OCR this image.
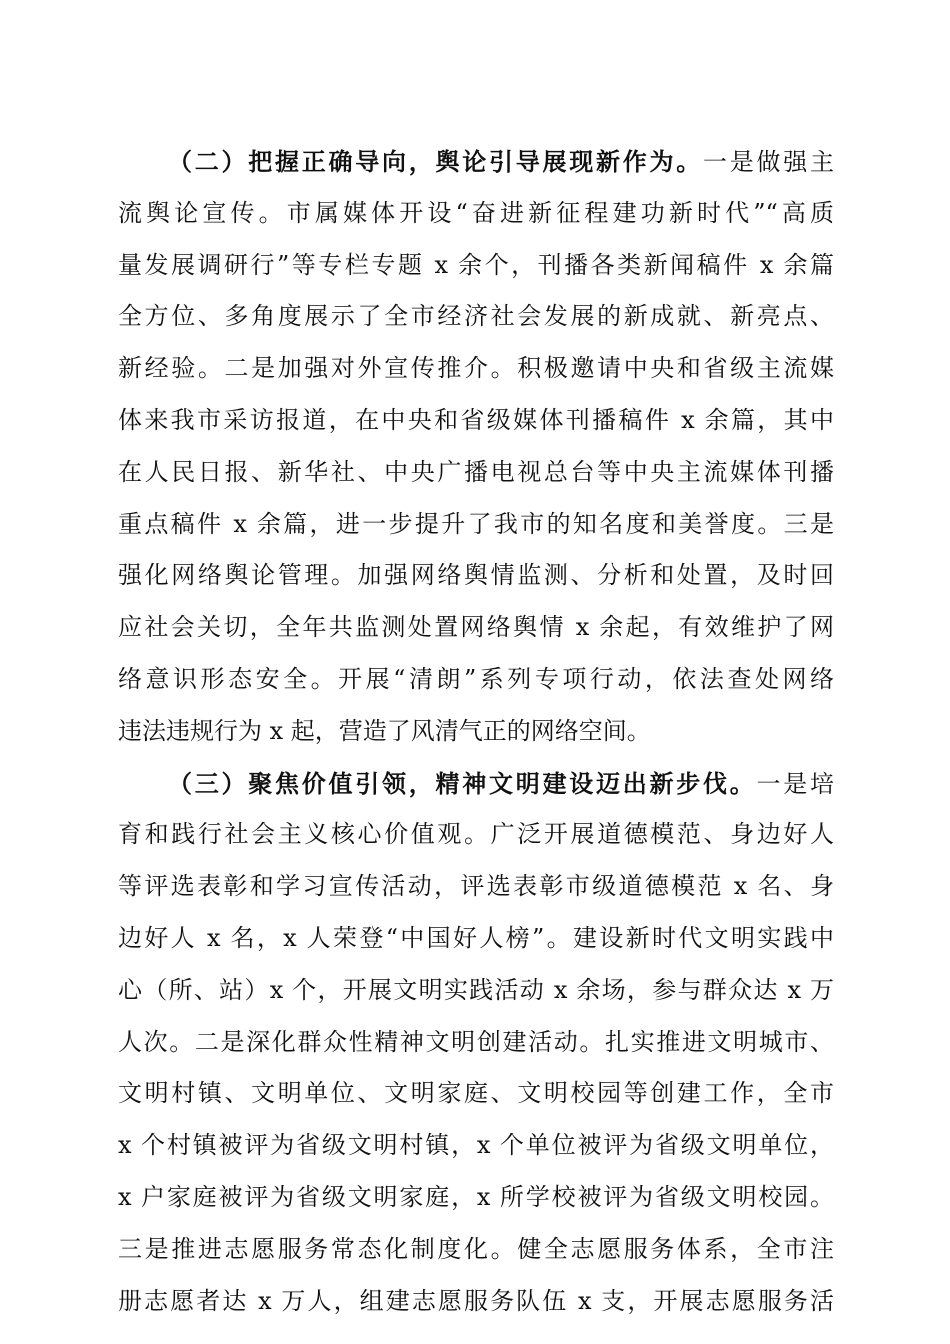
（二）把握正确导向，舆论引导展现新作为。一是做强主
流舆论宣传。市属媒体开设“奋进新征程建功新时代”“高质
量发展调研行”等专栏专题 x 余个，刊播各类新闻稿件 x 余篇
全方位、多角度展示了全市经济社会发展的新成就、新亮点、
新经验。二是加强对外宣传推介。积极邀请中央和省级主流媒
体来我市采访报道，在中央和省级媒体刊播稿件 x 余篇，其中
在人民日报、新华社、中央广播电视总台等中央主流媒体刊播
重点稿件 x 余篇，进一步提升了我市的知名度和美誉度。三是
强化网络舆论管理。加强网络舆情监测、分析和处置，及时回
应社会关切，全年共监测处置网络舆情 x 余起，有效维护了网
络意识形态安全。开展“清朗”系列专项行动，依法查处网络
违法违规行为 x 起，营造了风清气正的网络空间。
（三）聚焦价值引领，精神文明建设迈出新步伐。一是培
育和践行社会主义核心价值观。广泛开展道德模范、身边好人
等评选表彰和学习宣传活动，评选表彰市级道德模范 x 名、身
边好人 x 名，x 人荣登“中国好人榜”。建设新时代文明实践中
心（所、站）x 个，开展文明实践活动 x 余场，参与群众达 x 万
人次。二是深化群众性精神文明创建活动。扎实推进文明城市、
文明村镇、文明单位、文明家庭、文明校园等创建工作，全市
x 个村镇被评为省级文明村镇，x 个单位被评为省级文明单位，
x 户家庭被评为省级文明家庭，x 所学校被评为省级文明校园。
三是推进志愿服务常态化制度化。健全志愿服务体系，全市注
册志愿者达 x 万人，组建志愿服务队伍 x 支，开展志愿服务活
